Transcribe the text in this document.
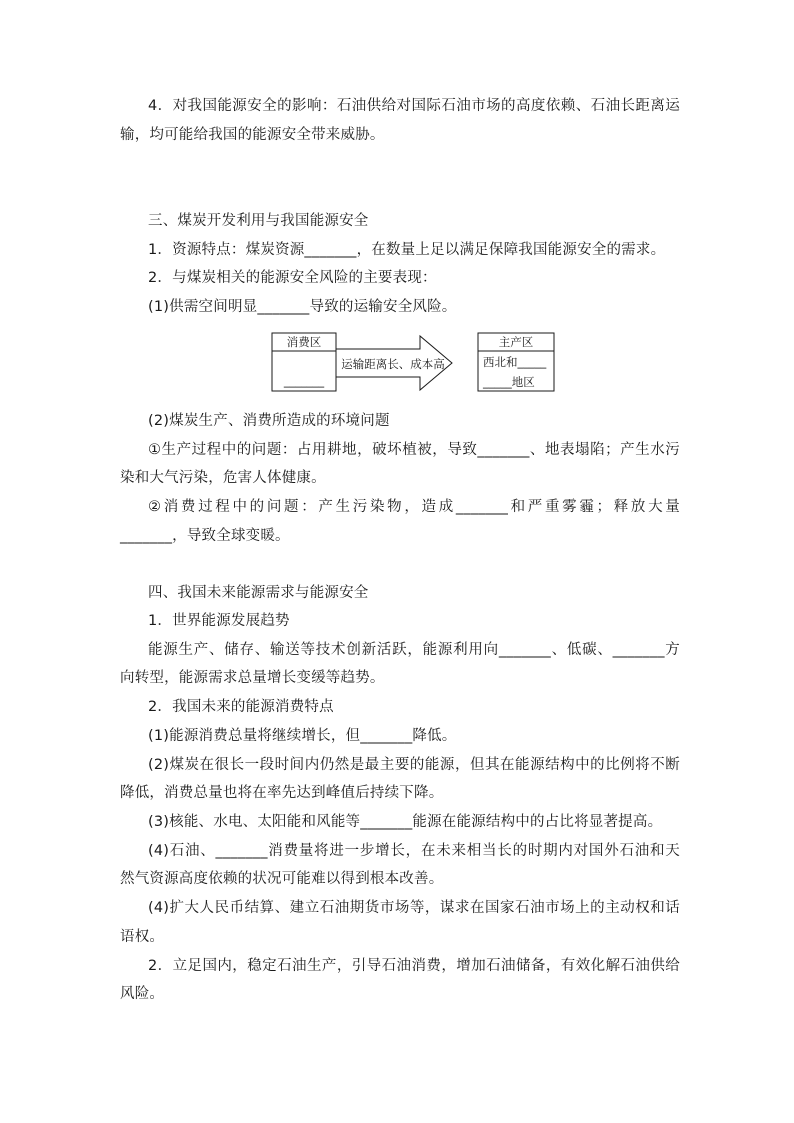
4．对我国能源安全的影响：石油供给对国际石油市场的高度依赖、石油长距离运
输，均可能给我国的能源安全带来威胁。
三、煤炭开发利用与我国能源安全
1．资源特点：煤炭资源_______，在数量上足以满足保障我国能源安全的需求。
2．与煤炭相关的能源安全风险的主要表现：
(1)供需空间明显_______导致的运输安全风险。
消费区
_______
运输距离长、成本高
主产区
西北和_____
_____地区
(2)煤炭生产、消费所造成的环境问题
①生产过程中的问题：占用耕地，破坏植被，导致_______、地表塌陷；产生水污
染和大气污染，危害人体健康。
②消费过程中的问题：产生污染物，造成_______和严重雾霾；释放大量
_______，导致全球变暖。
四、我国未来能源需求与能源安全
1．世界能源发展趋势
能源生产、储存、输送等技术创新活跃，能源利用向_______、低碳、_______方
向转型，能源需求总量增长变缓等趋势。
2．我国未来的能源消费特点
(1)能源消费总量将继续增长，但_______降低。
(2)煤炭在很长一段时间内仍然是最主要的能源，但其在能源结构中的比例将不断
降低，消费总量也将在率先达到峰值后持续下降。
(3)核能、水电、太阳能和风能等_______能源在能源结构中的占比将显著提高。
(4)石油、_______消费量将进一步增长，在未来相当长的时期内对国外石油和天
然气资源高度依赖的状况可能难以得到根本改善。
(4)扩大人民币结算、建立石油期货市场等，谋求在国家石油市场上的主动权和话
语权。
2．立足国内，稳定石油生产，引导石油消费，增加石油储备，有效化解石油供给
风险。
